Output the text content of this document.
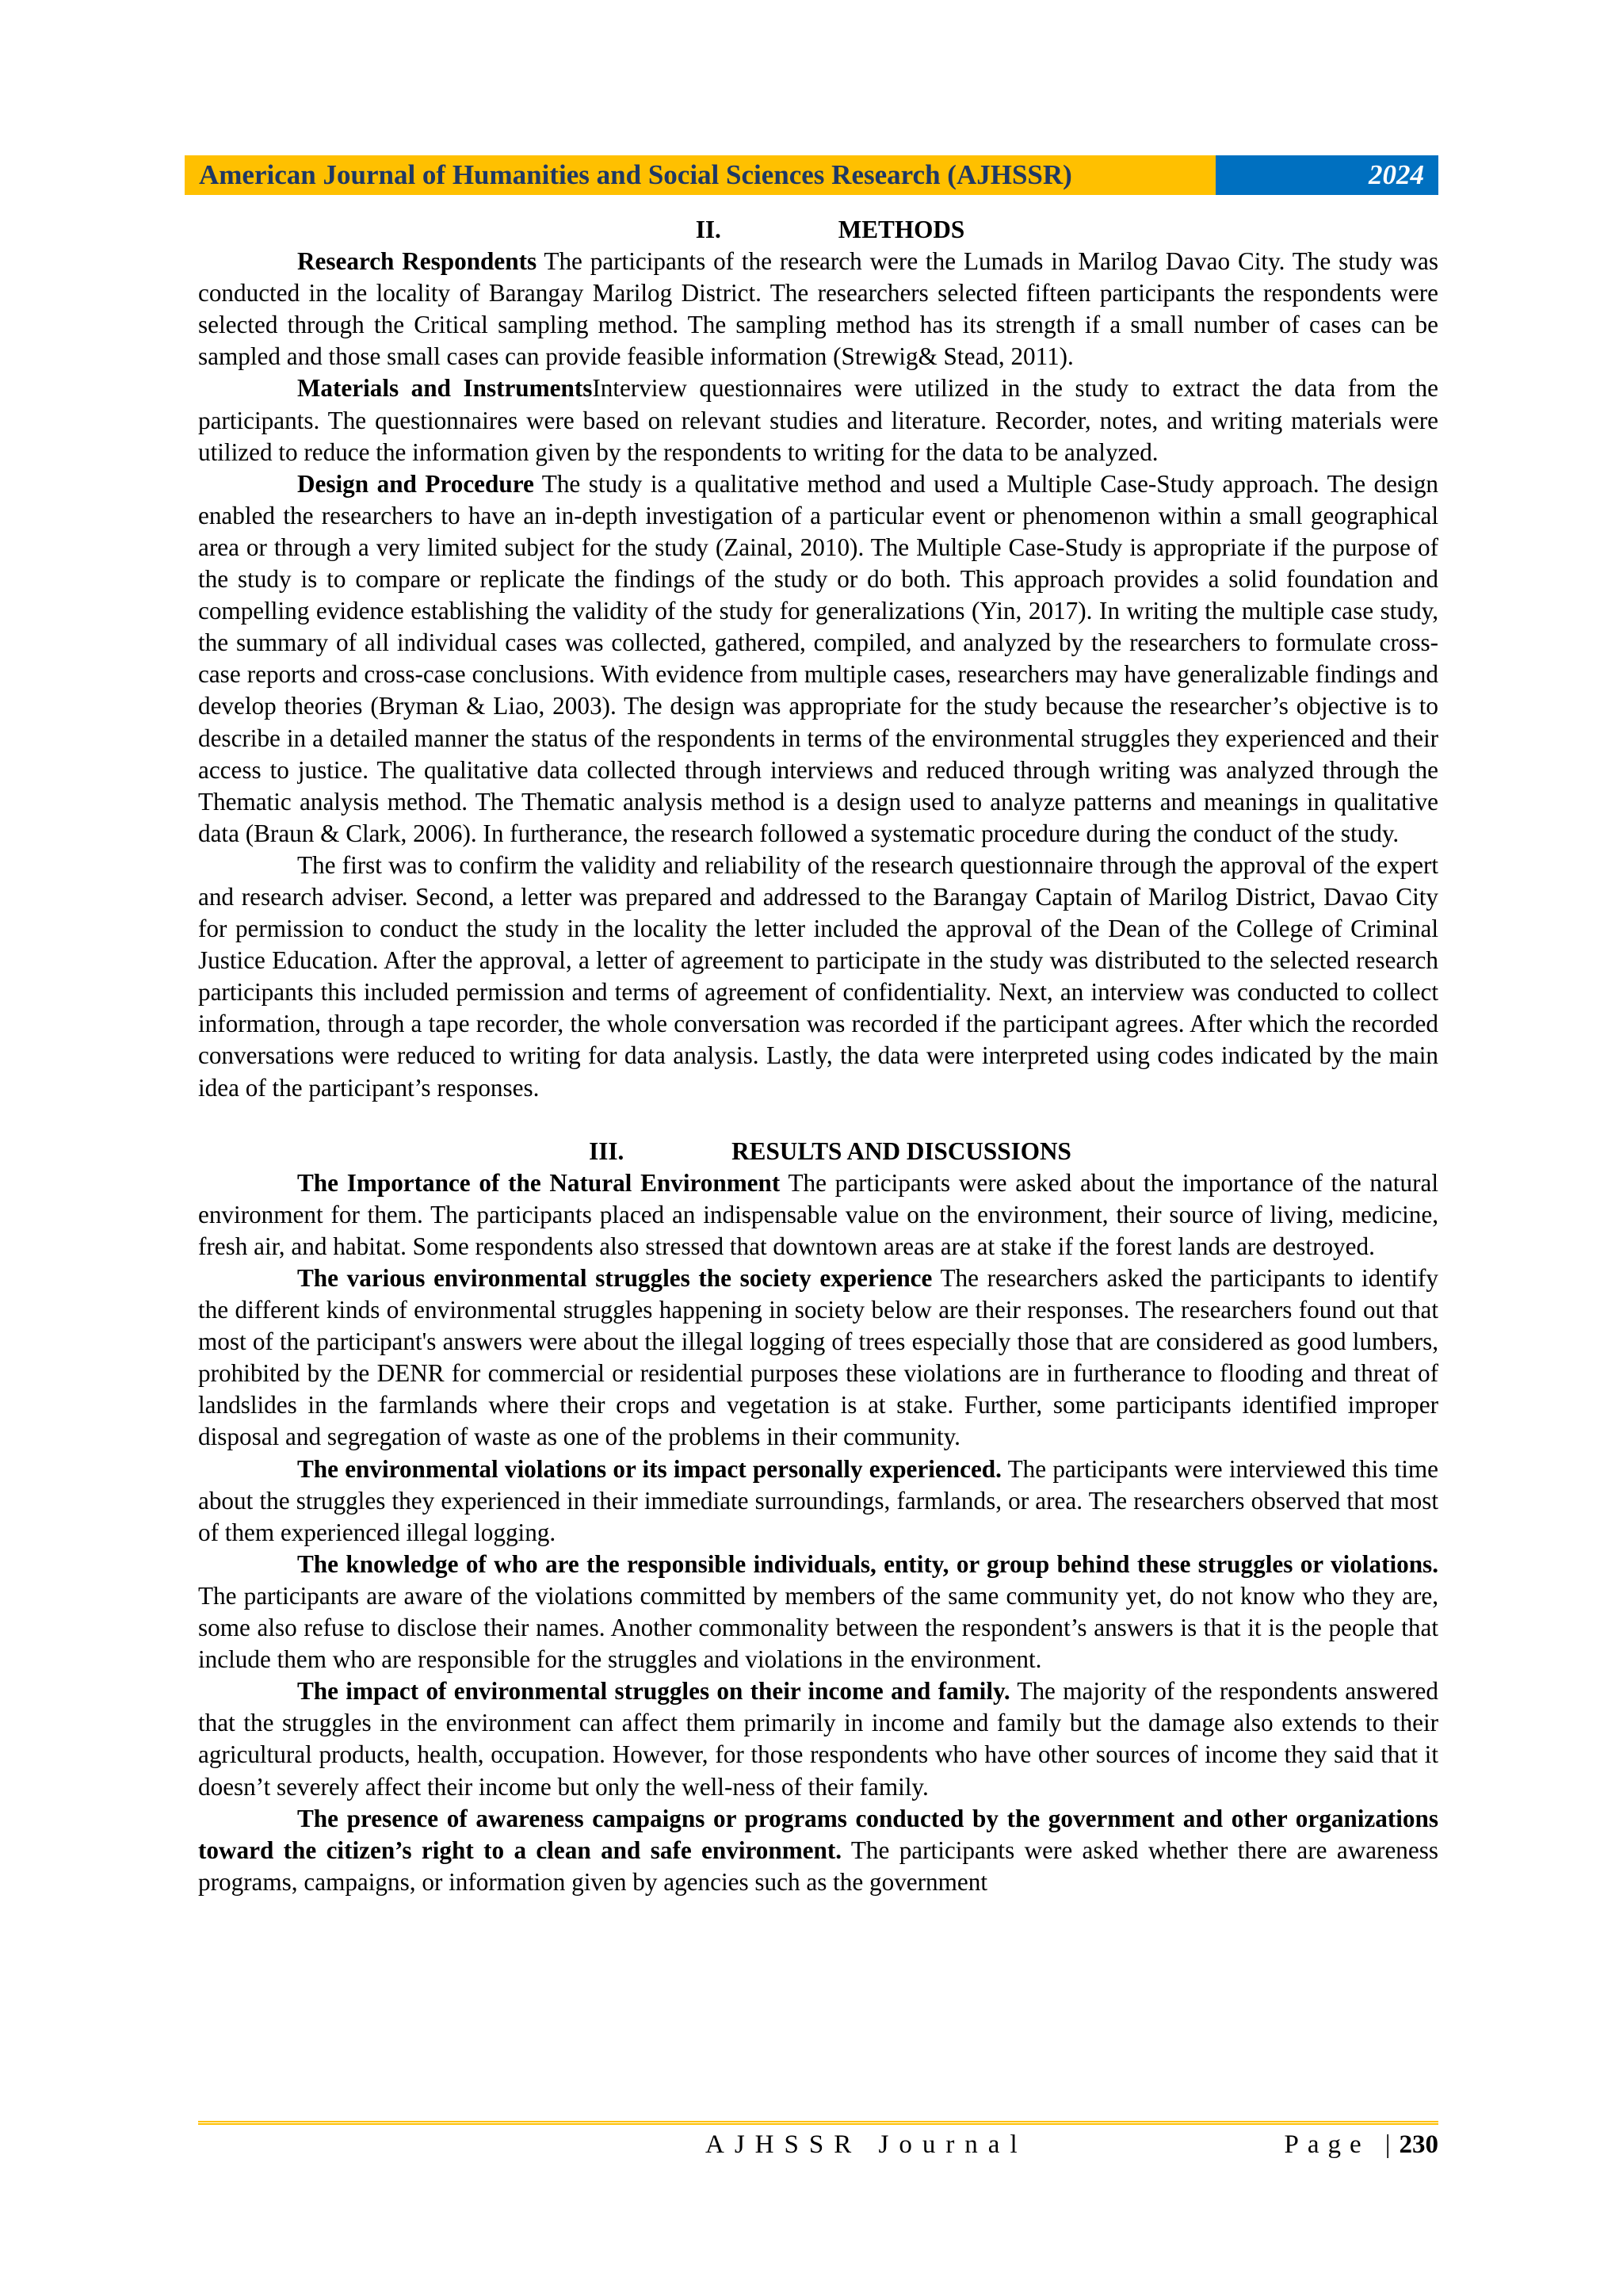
American Journal of Humanities and Social Sciences Research (AJHSSR)	2024
II.	METHODS

Research Respondents The participants of the research were the Lumads in Marilog Davao City. The study was conducted in the locality of Barangay Marilog District. The researchers selected fifteen participants the respondents were selected through the Critical sampling method. The sampling method has its strength if a small number of cases can be sampled and those small cases can provide feasible information (Strewig& Stead, 2011).

Materials and InstrumentsInterview questionnaires were utilized in the study to extract the data from the participants. The questionnaires were based on relevant studies and literature. Recorder, notes, and writing materials were utilized to reduce the information given by the respondents to writing for the data to be analyzed.

Design and Procedure The study is a qualitative method and used a Multiple Case-Study approach. The design enabled the researchers to have an in-depth investigation of a particular event or phenomenon within a small geographical area or through a very limited subject for the study (Zainal, 2010). The Multiple Case-Study is appropriate if the purpose of the study is to compare or replicate the findings of the study or do both. This approach provides a solid foundation and compelling evidence establishing the validity of the study for generalizations (Yin, 2017). In writing the multiple case study, the summary of all individual cases was collected, gathered, compiled, and analyzed by the researchers to formulate cross-case reports and cross-case conclusions. With evidence from multiple cases, researchers may have generalizable findings and develop theories (Bryman & Liao, 2003). The design was appropriate for the study because the researcher’s objective is to describe in a detailed manner the status of the respondents in terms of the environmental struggles they experienced and their access to justice. The qualitative data collected through interviews and reduced through writing was analyzed through the Thematic analysis method. The Thematic analysis method is a design used to analyze patterns and meanings in qualitative data (Braun & Clark, 2006). In furtherance, the research followed a systematic procedure during the conduct of the study.

The first was to confirm the validity and reliability of the research questionnaire through the approval of the expert and research adviser. Second, a letter was prepared and addressed to the Barangay Captain of Marilog District, Davao City for permission to conduct the study in the locality the letter included the approval of the Dean of the College of Criminal Justice Education. After the approval, a letter of agreement to participate in the study was distributed to the selected research participants this included permission and terms of agreement of confidentiality. Next, an interview was conducted to collect information, through a tape recorder, the whole conversation was recorded if the participant agrees. After which the recorded conversations were reduced to writing for data analysis. Lastly, the data were interpreted using codes indicated by the main idea of the participant’s responses.

III.	RESULTS AND DISCUSSIONS

The Importance of the Natural Environment The participants were asked about the importance of the natural environment for them. The participants placed an indispensable value on the environment, their source of living, medicine, fresh air, and habitat. Some respondents also stressed that downtown areas are at stake if the forest lands are destroyed.

The various environmental struggles the society experience The researchers asked the participants to identify the different kinds of environmental struggles happening in society below are their responses. The researchers found out that most of the participant's answers were about the illegal logging of trees especially those that are considered as good lumbers, prohibited by the DENR for commercial or residential purposes these violations are in furtherance to flooding and threat of landslides in the farmlands where their crops and vegetation is at stake. Further, some participants identified improper disposal and segregation of waste as one of the problems in their community.

The environmental violations or its impact personally experienced. The participants were interviewed this time about the struggles they experienced in their immediate surroundings, farmlands, or area. The researchers observed that most of them experienced illegal logging.

The knowledge of who are the responsible individuals, entity, or group behind these struggles or violations. The participants are aware of the violations committed by members of the same community yet, do not know who they are, some also refuse to disclose their names. Another commonality between the respondent’s answers is that it is the people that include them who are responsible for the struggles and violations in the environment.

The impact of environmental struggles on their income and family. The majority of the respondents answered that the struggles in the environment can affect them primarily in income and family but the damage also extends to their agricultural products, health, occupation. However, for those respondents who have other sources of income they said that it doesn’t severely affect their income but only the well-ness of their family.

The presence of awareness campaigns or programs conducted by the government and other organizations toward the citizen’s right to a clean and safe environment. The participants were asked whether there are awareness programs, campaigns, or information given by agencies such as the government

AJHSSR Journal	Page |230
